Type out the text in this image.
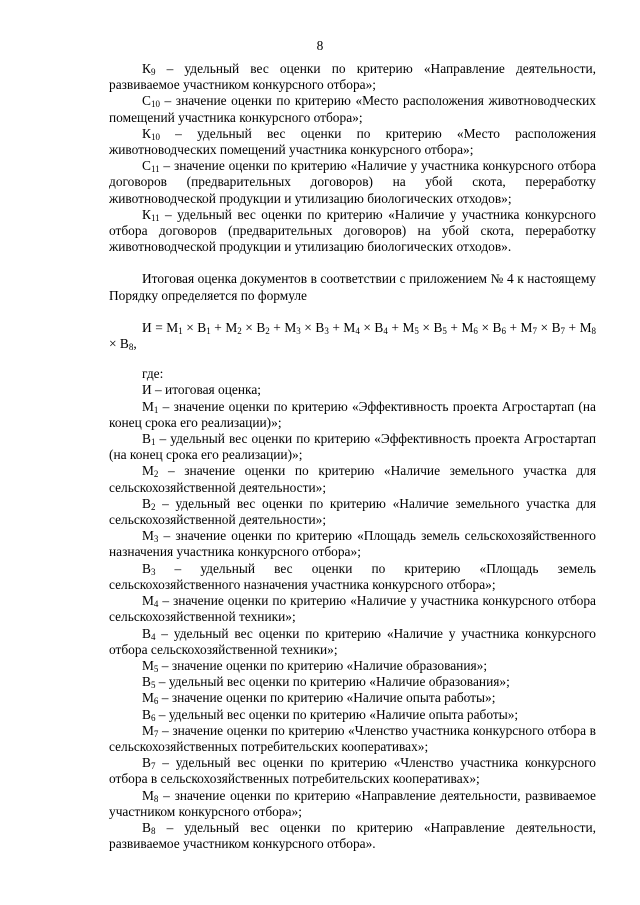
8

$К_9$ – удельный вес оценки по критерию «Направление деятельности, развиваемое участником конкурсного отбора»;

$С_{10}$ – значение оценки по критерию «Место расположения животноводческих помещений участника конкурсного отбора»;

$К_{10}$ – удельный вес оценки по критерию «Место расположения животноводческих помещений участника конкурсного отбора»;

$С_{11}$ – значение оценки по критерию «Наличие у участника конкурсного отбора договоров (предварительных договоров) на убой скота, переработку животноводческой продукции и утилизацию биологических отходов»;

$К_{11}$ – удельный вес оценки по критерию «Наличие у участника конкурсного отбора договоров (предварительных договоров) на убой скота, переработку животноводческой продукции и утилизацию биологических отходов».

Итоговая оценка документов в соответствии с приложением № 4 к настоящему Порядку определяется по формуле

$И = М_1 \times В_1 + М_2 \times В_2 + М_3 \times В_3 + М_4 \times В_4 + М_5 \times В_5 + М_6 \times В_6 + М_7 \times В_7 + М_8 \times В_8$,

где:

И – итоговая оценка;

$М_1$ – значение оценки по критерию «Эффективность проекта Агростартап (на конец срока его реализации)»;

$В_1$ – удельный вес оценки по критерию «Эффективность проекта Агростартап (на конец срока его реализации)»;

$М_2$ – значение оценки по критерию «Наличие земельного участка для сельскохозяйственной деятельности»;

$В_2$ – удельный вес оценки по критерию «Наличие земельного участка для сельскохозяйственной деятельности»;

$М_3$ – значение оценки по критерию «Площадь земель сельскохозяйственного назначения участника конкурсного отбора»;

$В_3$ – удельный вес оценки по критерию «Площадь земель сельскохозяйственного назначения участника конкурсного отбора»;

$М_4$ – значение оценки по критерию «Наличие у участника конкурсного отбора сельскохозяйственной техники»;

$В_4$ – удельный вес оценки по критерию «Наличие у участника конкурсного отбора сельскохозяйственной техники»;

$М_5$ – значение оценки по критерию «Наличие образования»;

$В_5$ – удельный вес оценки по критерию «Наличие образования»;

$М_6$ – значение оценки по критерию «Наличие опыта работы»;

$В_6$ – удельный вес оценки по критерию «Наличие опыта работы»;

$М_7$ – значение оценки по критерию «Членство участника конкурсного отбора в сельскохозяйственных потребительских кооперативах»;

$В_7$ – удельный вес оценки по критерию «Членство участника конкурсного отбора в сельскохозяйственных потребительских кооперативах»;

$М_8$ – значение оценки по критерию «Направление деятельности, развиваемое участником конкурсного отбора»;

$В_8$ – удельный вес оценки по критерию «Направление деятельности, развиваемое участником конкурсного отбора».
